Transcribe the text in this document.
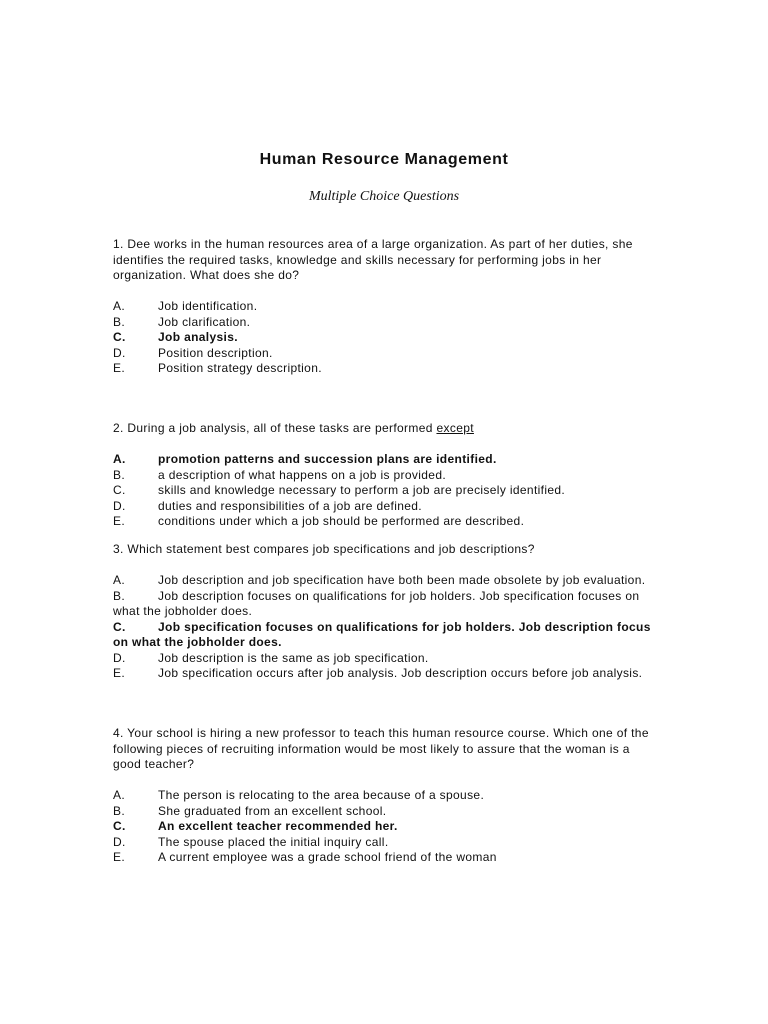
Human Resource Management
Multiple Choice Questions
1. Dee works in the human resources area of a large organization. As part of her duties, she identifies the required tasks, knowledge and skills necessary for performing jobs in her organization. What does she do?
A.	Job identification.
B.	Job clarification.
C.	Job analysis.
D.	Position description.
E.	Position strategy description.
2. During a job analysis, all of these tasks are performed except
A.	promotion patterns and succession plans are identified.
B.	a description of what happens on a job is provided.
C.	skills and knowledge necessary to perform a job are precisely identified.
D.	duties and responsibilities of a job are defined.
E.	conditions under which a job should be performed are described.
3. Which statement best compares job specifications and job descriptions?
A.	Job description and job specification have both been made obsolete by job evaluation.
B.	Job description focuses on qualifications for job holders. Job specification focuses on what the jobholder does.
C.	Job specification focuses on qualifications for job holders. Job description focus on what the jobholder does.
D.	Job description is the same as job specification.
E.	Job specification occurs after job analysis. Job description occurs before job analysis.
4. Your school is hiring a new professor to teach this human resource course. Which one of the following pieces of recruiting information would be most likely to assure that the woman is a good teacher?
A.	The person is relocating to the area because of a spouse.
B.	She graduated from an excellent school.
C.	An excellent teacher recommended her.
D.	The spouse placed the initial inquiry call.
E.	A current employee was a grade school friend of the woman
